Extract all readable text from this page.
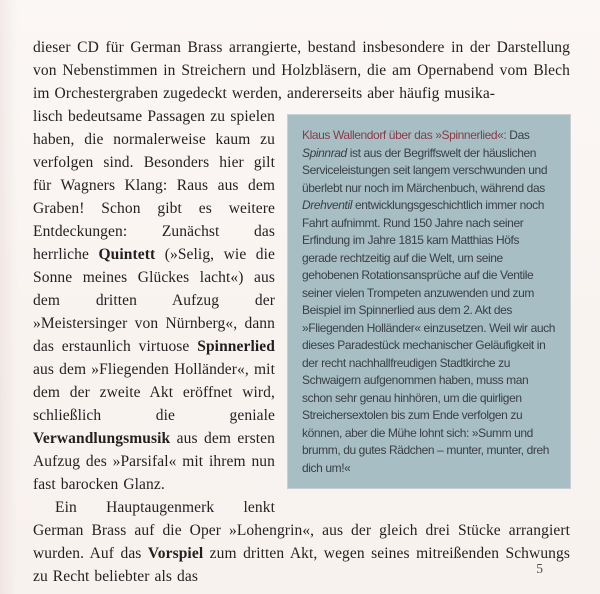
dieser CD für German Brass arrangierte, bestand insbesondere in der Darstellung von Nebenstimmen in Streichern und Holzbläsern, die am Opernabend vom Blech im Orchestergraben zugedeckt werden, andererseits aber häufig musika-

Klaus Wallendorf über das »Spinnerlied«: Das Spinnrad ist aus der Begriffswelt der häuslichen Serviceleistungen seit langem verschwunden und überlebt nur noch im Märchenbuch, während das Drehventil entwicklungsgeschichtlich immer noch Fahrt aufnimmt. Rund 150 Jahre nach seiner Erfindung im Jahre 1815 kam Matthias Höfs gerade rechtzeitig auf die Welt, um seine gehobenen Rotationsansprüche auf die Ventile seiner vielen Trompeten anzuwenden und zum Beispiel im Spinnerlied aus dem 2. Akt des »Fliegenden Holländer« einzusetzen. Weil wir auch dieses Paradestück mechanischer Geläufigkeit in der recht nachhallfreudigen Stadtkirche zu Schwaigern aufgenommen haben, muss man schon sehr genau hinhören, um die quirligen Streichersextolen bis zum Ende verfolgen zu können, aber die Mühe lohnt sich: »Summ und brumm, du gutes Rädchen – munter, munter, dreh dich um!«

lisch bedeutsame Passagen zu spielen haben, die normalerweise kaum zu verfolgen sind. Besonders hier gilt für Wagners Klang: Raus aus dem Graben! Schon gibt es weitere Entdeckungen: Zunächst das herrliche Quintett (»Selig, wie die Sonne meines Glückes lacht«) aus dem dritten Aufzug der »Meistersinger von Nürnberg«, dann das erstaunlich virtuose Spinnerlied aus dem »Fliegenden Holländer«, mit dem der zweite Akt eröffnet wird, schließlich die geniale Verwandlungsmusik aus dem ersten Aufzug des »Parsifal« mit ihrem nun fast barocken Glanz.

Ein Hauptaugenmerk lenkt German Brass auf die Oper »Lohengrin«, aus der gleich drei Stücke arrangiert wurden. Auf das Vorspiel zum dritten Akt, wegen seines mitreißenden Schwungs zu Recht beliebter als das	5
